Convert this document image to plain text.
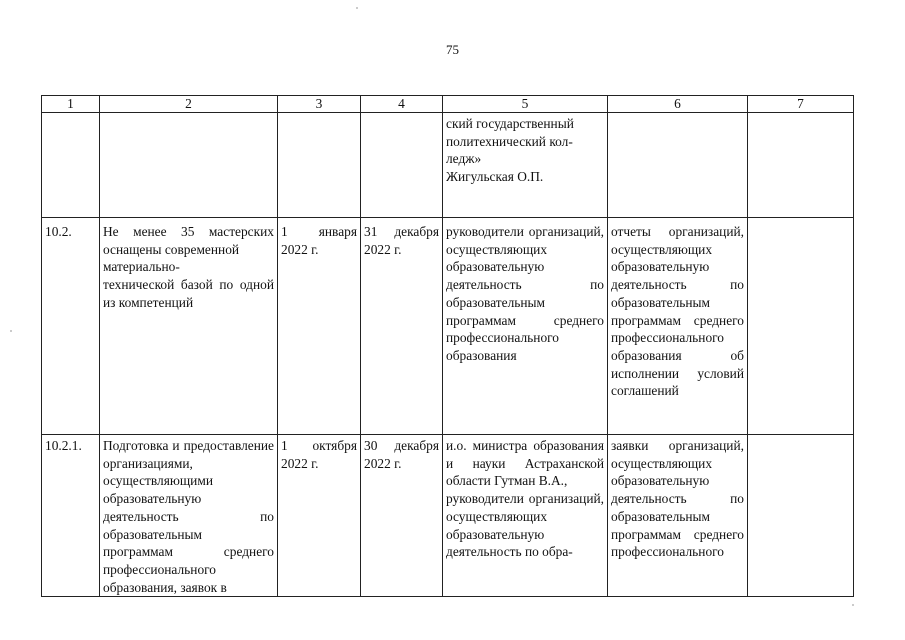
75
1	2	3	4	5	6	7
				ский государственный
политехнический кол-
ледж»
Жигульская О.П.		
10.2.	Не менее 35 мастерских оснащены современной
материально-
технической базой по одной из компетенций	1 января 2022 г.	31 декабря 2022 г.	руководители организаций, осуществляющих образовательную деятельность по образовательным программам среднего профессионального образования	отчеты организаций, осуществляющих образовательную деятельность по образовательным программам среднего профессионального образования об исполнении условий соглашений	
10.2.1.	Подготовка и предоставление организациями, осуществляющими образовательную деятельность по образовательным программам среднего профессионального образования, заявок в	1 октября 2022 г.	30 декабря 2022 г.	и.о. министра образования и науки Астраханской области Гутман В.А.,
руководители организаций, осуществляющих образовательную деятельность по обра-	заявки организаций, осуществляющих образовательную деятельность по образовательным программам среднего профессионального	
